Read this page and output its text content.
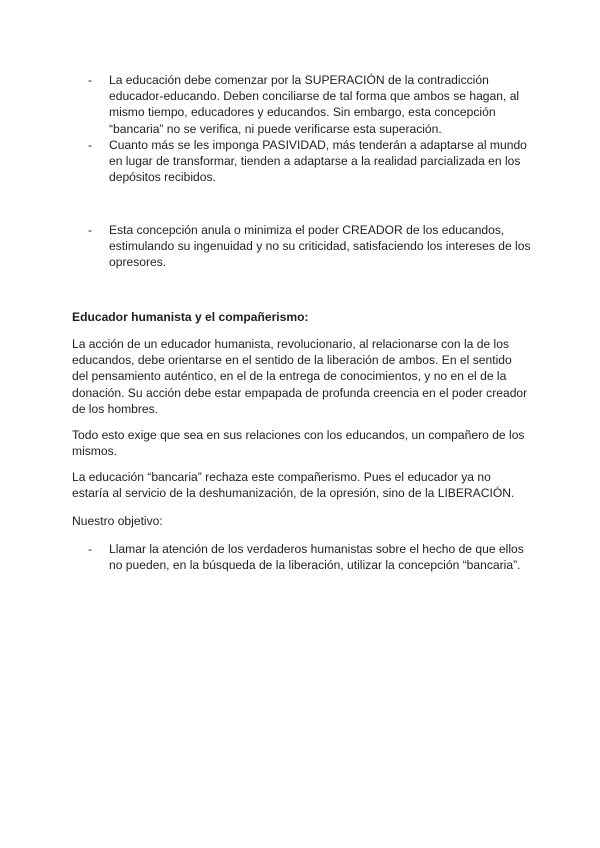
- La educación debe comenzar por la SUPERACIÓN de la contradicción educador-educando. Deben conciliarse de tal forma que ambos se hagan, al mismo tiempo, educadores y educandos. Sin embargo, esta concepción “bancaria” no se verifica, ni puede verificarse esta superación.
- Cuanto más se les imponga PASIVIDAD, más tenderán a adaptarse al mundo en lugar de transformar, tienden a adaptarse a la realidad parcializada en los depósitos recibidos.
- Esta concepción anula o minimiza el poder CREADOR de los educandos, estimulando su ingenuidad y no su criticidad, satisfaciendo los intereses de los opresores.
Educador humanista y el compañerismo:

La acción de un educador humanista, revolucionario, al relacionarse con la de los educandos, debe orientarse en el sentido de la liberación de ambos. En el sentido del pensamiento auténtico, en el de la entrega de conocimientos, y no en el de la donación. Su acción debe estar empapada de profunda creencia en el poder creador de los hombres.

Todo esto exige que sea en sus relaciones con los educandos, un compañero de los mismos.

La educación “bancaria” rechaza este compañerismo. Pues el educador ya no estaría al servicio de la deshumanización, de la opresión, sino de la LIBERACIÓN.

Nuestro objetivo:

- Llamar la atención de los verdaderos humanistas sobre el hecho de que ellos no pueden, en la búsqueda de la liberación, utilizar la concepción “bancaria”.
